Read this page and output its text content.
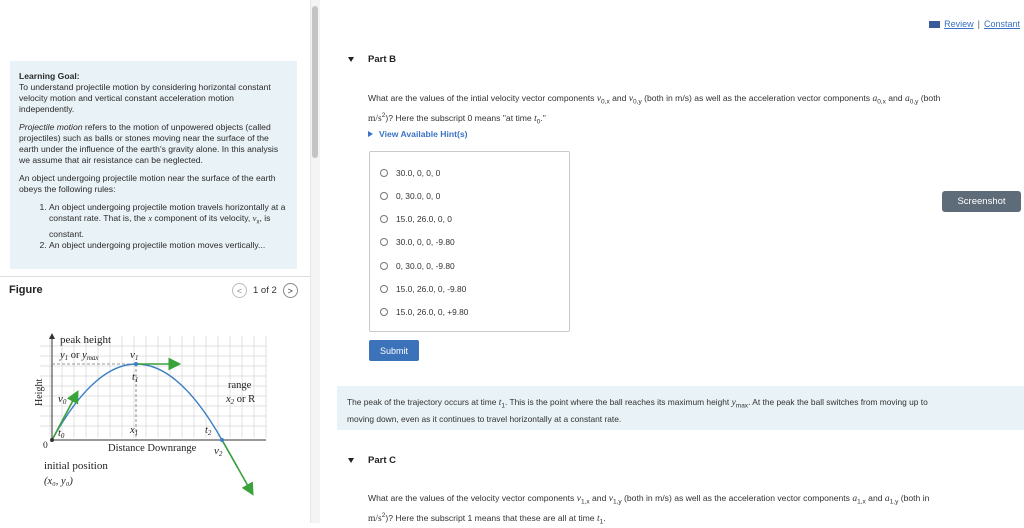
Learning Goal:
To understand projectile motion by considering horizontal constant velocity motion and vertical constant acceleration motion independently.

Projectile motion refers to the motion of unpowered objects (called projectiles) such as balls or stones moving near the surface of the earth under the influence of the earth's gravity alone. In this analysis we assume that air resistance can be neglected.

An object undergoing projectile motion near the surface of the earth obeys the following rules:

1. An object undergoing projectile motion travels horizontally at a constant rate. That is, the x component of its velocity, $v_x$, is constant.
2. An object undergoing projectile motion moves vertically...
Figure	< 1 of 2 >
peak height
y1 or ymax	v1
t1	range
x2 or R
Height v0
t0	x1	t2
0	Distance Downrange v2
initial position
(x₀, y₀)
Review | Constant
Part B
What are the values of the intial velocity vector components $v_{0,x}$ and $v_{0,y}$ (both in m/s) as well as the acceleration vector components $a_{0,x}$ and $a_{0,y}$ (both
$m/s^2$)? Here the subscript 0 means "at time $t_0$."
View Available Hint(s)
30.0, 0, 0, 0
0, 30.0, 0, 0
15.0, 26.0, 0, 0
30.0, 0, 0, -9.80
0, 30.0, 0, -9.80
15.0, 26.0, 0, -9.80
15.0, 26.0, 0, +9.80
Submit
Screenshot
The peak of the trajectory occurs at time $t_1$. This is the point where the ball reaches its maximum height $y_{max}$. At the peak the ball switches from moving up to
moving down, even as it continues to travel horizontally at a constant rate.
Part C
What are the values of the velocity vector components $v_{1,x}$ and $v_{1,y}$ (both in m/s) as well as the acceleration vector components $a_{1,x}$ and $a_{1,y}$ (both in
$m/s^2$)? Here the subscript 1 means that these are all at time $t_1$.
